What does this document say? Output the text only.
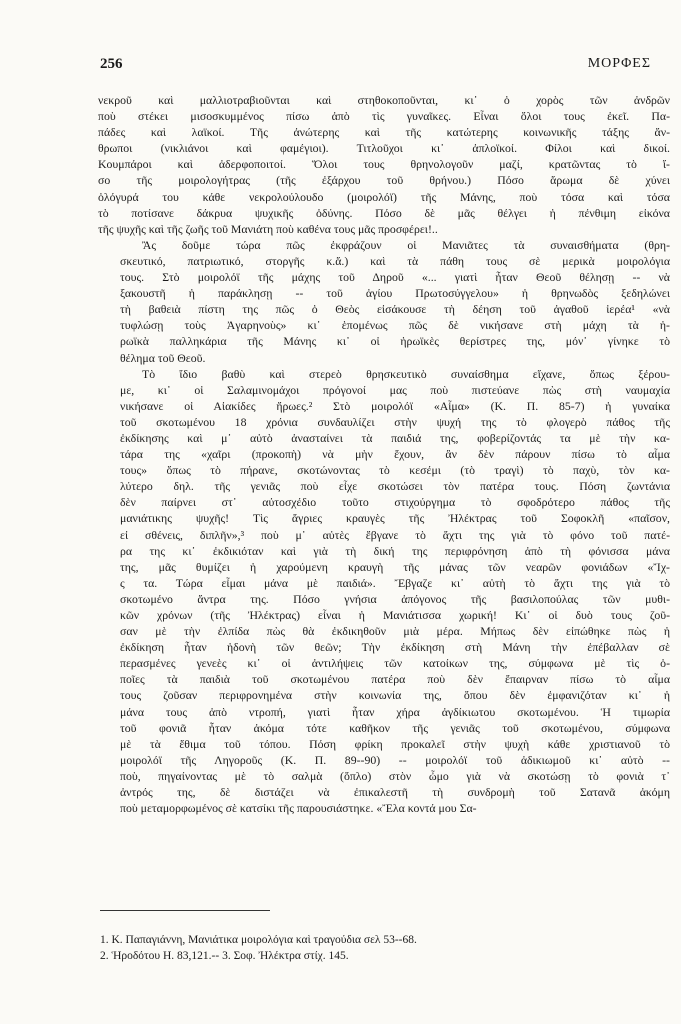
256	ΜΟΡΦΕΣ
νεκροῦ καὶ μαλλιοτραβιοῦνται καὶ στηθοκοποῦνται, κι᾿ ὁ χορὸς τῶν ἀνδρῶν
ποὺ στέκει μισοσκυμμένος πίσω ἀπὸ τὶς γυναῖκες. Εἶναι ὅλοι τους ἐκεῖ. Πα-
πάδες καὶ λαϊκοί. Τῆς ἀνώτερης καὶ τῆς κατώτερης κοινωνικῆς τάξης ἄν-
θρωποι (νικλιάνοι καὶ φαμέγιοι). Τιτλοῦχοι κι᾿ ἀπλοϊκοί. Φίλοι καὶ δικοί.
Κουμπάροι καὶ ἀδερφοποιτοί. Ὅλοι τους θρηνολογοῦν μαζί, κρατῶντας τὸ ἴ-
σο τῆς μοιρολογήτρας (τῆς ἐξάρχου τοῦ θρήνου.) Πόσο ἄρωμα δὲ χύνει
ὁλόγυρά του κάθε νεκρολούλουδο (μοιρολόϊ) τῆς Μάνης, ποὺ τόσα καὶ τόσα
τὸ ποτίσανε δάκρυα ψυχικῆς ὀδύνης. Πόσο δὲ μᾶς θέλγει ἡ πένθιμη εἰκόνα
τῆς ψυχῆς καὶ τῆς ζωῆς τοῦ Μανιάτη ποὺ καθένα τους μᾶς προσφέρει!..
Ἂς δοῦμε τώρα πῶς ἐκφράζουν οἱ Μανιᾶτες τὰ συναισθήματα (θρη-
σκευτικό, πατριωτικό, στοργῆς κ.ἄ.) καὶ τὰ πάθη τους σὲ μερικὰ μοιρολόγια
τους. Στὸ μοιρολόϊ τῆς μάχης τοῦ Δηροῦ «... γιατὶ ἦταν Θεοῦ θέλησῃ -- νὰ
ξακουστῆ ἡ παράκλησῃ -- τοῦ ἁγίου Πρωτοσύγγελου» ἡ θρηνωδὸς ξεδηλώνει
τὴ βαθειὰ πίστη της πῶς ὁ Θεὸς εἰσάκουσε τὴ δέηση τοῦ ἀγαθοῦ ἱερέα¹ «νὰ
τυφλώσῃ τοὺς Ἀγαρηνοὺς» κι᾿ ἑπομένως πῶς δὲ νικήσανε στὴ μάχη τὰ ἡ-
ρωϊκὰ παλληκάρια τῆς Μάνης κι᾿ οἱ ἡρωϊκὲς θερίστρες της, μόν᾿ γίνηκε τὸ
θέλημα τοῦ Θεοῦ.
Τὸ ἴδιο βαθὺ καὶ στερεὸ θρησκευτικὸ συναίσθημα εἴχανε, ὅπως ξέρου-
με, κι᾿ οἱ Σαλαμινομάχοι πρόγονοί μας ποὺ πιστεύανε πὼς στὴ ναυμαχία
νικήσανε οἱ Αἰακίδες ἥρωες.² Στὸ μοιρολόϊ «Αἷμα» (Κ. Π. 85-7) ἡ γυναίκα
τοῦ σκοτωμένου 18 χρόνια συνδαυλίζει στὴν ψυχή της τὸ φλογερὸ πάθος τῆς
ἐκδίκησης καὶ μ᾿ αὐτὸ ἀνασταίνει τὰ παιδιά της, φοβερίζοντάς τα μὲ τὴν κα-
τάρα της «χαῖρι (προκοπὴ) νὰ μὴν ἔχουν, ἂν δὲν πάρουν πίσω τὸ αἷμα
τους» ὅπως τὸ πήρανε, σκοτώνοντας τὸ κεσέμι (τὸ τραγὶ) τὸ παχὺ, τὸν κα-
λύτερο δηλ. τῆς γενιᾶς ποὺ εἶχε σκοτώσει τὸν πατέρα τους. Πόση ζωντάνια
δὲν παίρνει στ᾿ αὐτοσχέδιο τοῦτο στιχούργημα τὸ σφοδρότερο πάθος τῆς
μανιάτικης ψυχῆς! Τὶς ἄγριες κραυγὲς τῆς Ἠλέκτρας τοῦ Σοφοκλῆ «παῖσον,
εἰ σθένεις, διπλῆν»,³ ποὺ μ᾿ αὐτὲς ἔβγανε τὸ ἄχτι της γιὰ τὸ φόνο τοῦ πατέ-
ρα της κι᾿ ἐκδικιόταν καὶ γιὰ τὴ δική της περιφρόνηση ἀπὸ τὴ φόνισσα μάνα
της, μᾶς θυμίζει ἡ χαρούμενη κραυγὴ τῆς μάνας τῶν νεαρῶν φονιάδων «Ἴχ-
ς τα. Τώρα εἶμαι μάνα μὲ παιδιά». Ἔβγαζε κι᾿ αὐτὴ τὸ ἄχτι της γιὰ τὸ
σκοτωμένο ἄντρα της. Πόσο γνήσια ἀπόγονος τῆς βασιλοπούλας τῶν μυθι-
κῶν χρόνων (τῆς Ἠλέκτρας) εἶναι ἡ Μανιάτισσα χωρική! Κι᾿ οἱ δυὸ τους ζοῦ-
σαν μὲ τὴν ἐλπίδα πὼς θὰ ἐκδικηθοῦν μιὰ μέρα. Μήπως δὲν εἰπώθηκε πὼς ἡ
ἐκδίκηση ἦταν ἡδονὴ τῶν θεῶν; Τὴν ἐκδίκηση στὴ Μάνη τὴν ἐπέβαλλαν σὲ
περασμένες γενεὲς κι᾿ οἱ ἀντιλήψεις τῶν κατοίκων της, σύμφωνα μὲ τὶς ὁ-
ποῖες τὰ παιδιὰ τοῦ σκοτωμένου πατέρα ποὺ δὲν ἔπαιρναν πίσω τὸ αἷμα
τους ζοῦσαν περιφρονημένα στὴν κοινωνία της, ὅπου δὲν ἐμφανιζόταν κι᾿ ἡ
μάνα τους ἀπὸ ντροπή, γιατὶ ἦταν χήρα ἀγδίκιωτου σκοτωμένου. Ἡ τιμωρία
τοῦ φονιᾶ ἦταν ἀκόμα τότε καθῆκον τῆς γενιᾶς τοῦ σκοτωμένου, σύμφωνα
μὲ τὰ ἔθιμα τοῦ τόπου. Πόση φρίκη προκαλεῖ στὴν ψυχὴ κάθε χριστιανοῦ τὸ
μοιρολόϊ τῆς Ληγοροῦς (Κ. Π. 89--90) -- μοιρολόϊ τοῦ ἀδικιωμοῦ κι᾿ αὐτὸ --
ποὺ, πηγαίνοντας μὲ τὸ σαλμὰ (ὅπλο) στὸν ὦμο γιὰ νὰ σκοτώσῃ τὸ φονιὰ τ᾿
ἀντρός της, δὲ διστάζει νὰ ἐπικαλεστῆ τὴ συνδρομὴ τοῦ Σατανᾶ ἀκόμη
ποὺ μεταμορφωμένος σὲ κατσίκι τῆς παρουσιάστηκε. «Ἔλα κοντά μου Σα-
1. Κ. Παπαγιάννη, Μανιάτικα μοιρολόγια καὶ τραγούδια σελ 53--68.
2. Ἡροδότου Η. 83,121.-- 3. Σοφ. Ἠλέκτρα στίχ. 145.
